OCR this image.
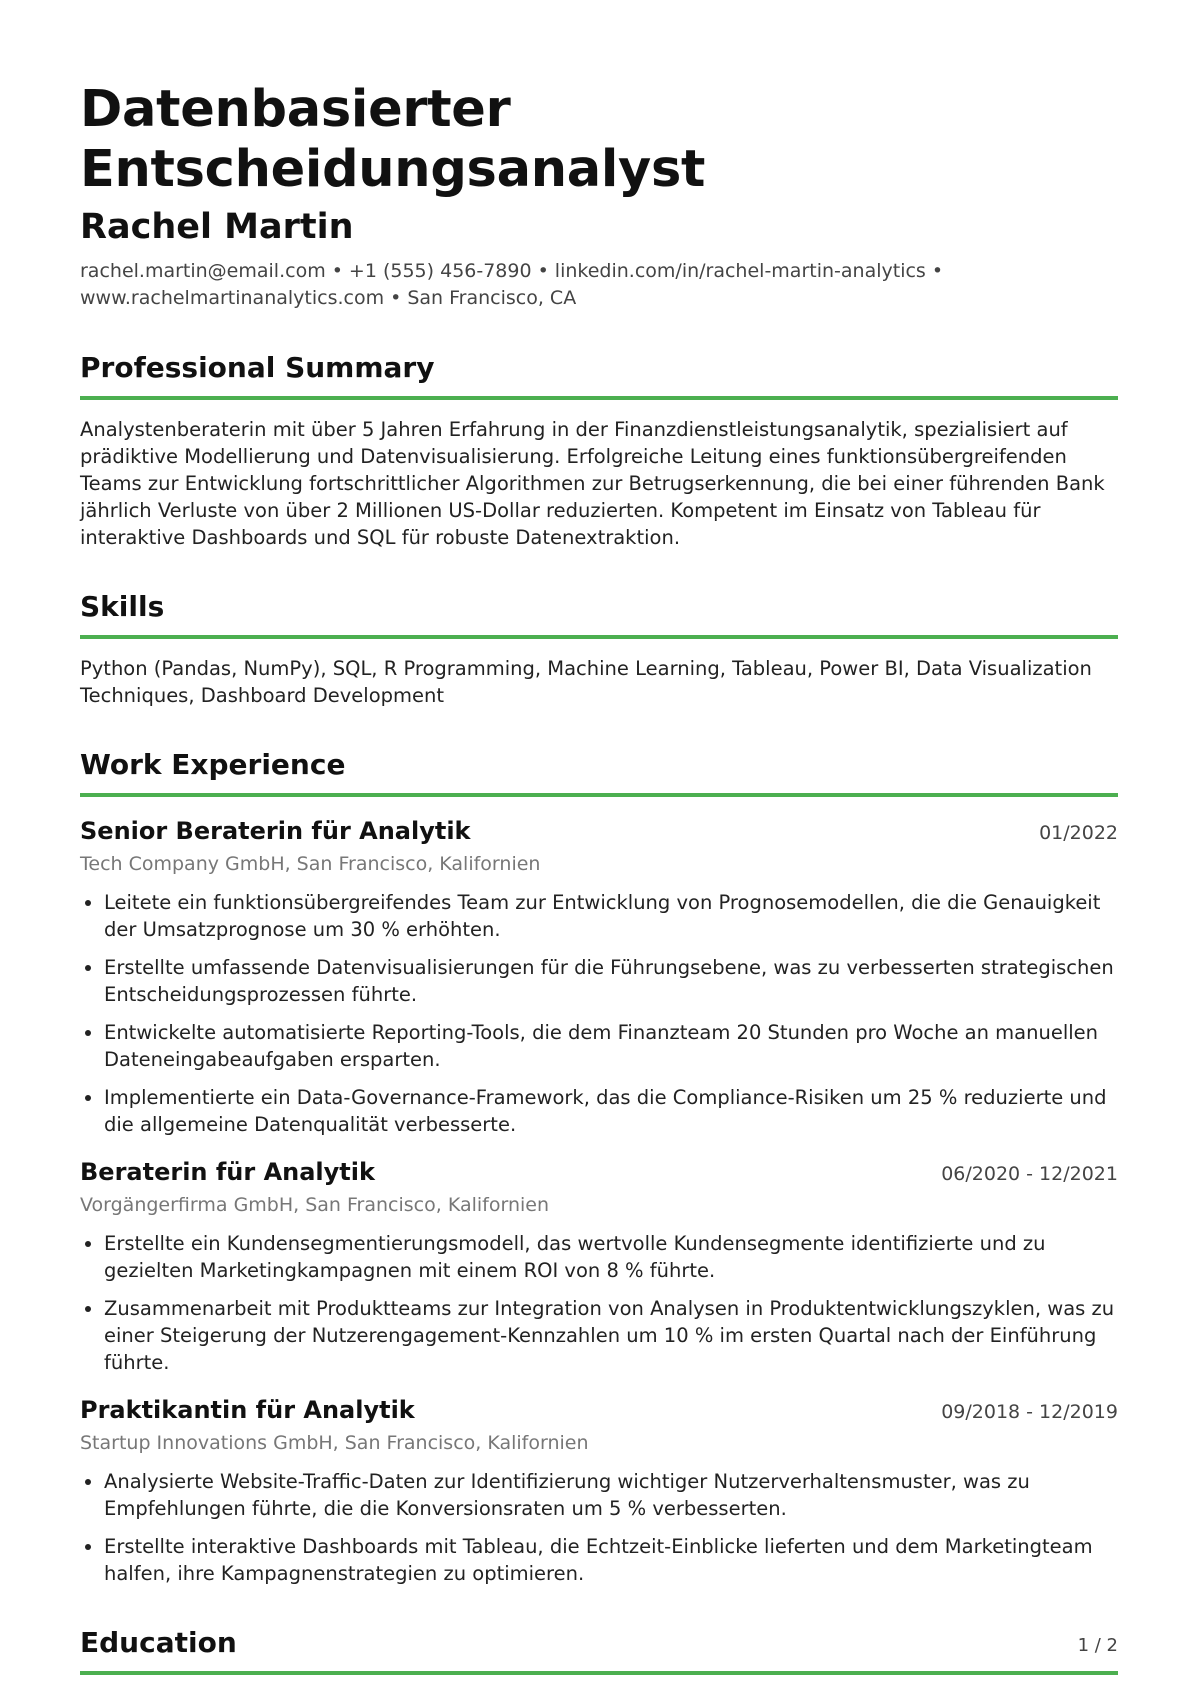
Datenbasierter Entscheidungsanalyst
Rachel Martin
rachel.martin@email.com • +1 (555) 456-7890 • linkedin.com/in/rachel-martin-analytics •
www.rachelmartinanalytics.com • San Francisco, CA
Professional Summary
Analystenberaterin mit über 5 Jahren Erfahrung in der Finanzdienstleistungsanalytik, spezialisiert auf prädiktive Modellierung und Datenvisualisierung. Erfolgreiche Leitung eines funktionsübergreifenden Teams zur Entwicklung fortschrittlicher Algorithmen zur Betrugserkennung, die bei einer führenden Bank jährlich Verluste von über 2 Millionen US-Dollar reduzierten. Kompetent im Einsatz von Tableau für interaktive Dashboards und SQL für robuste Datenextraktion.
Skills
Python (Pandas, NumPy), SQL, R Programming, Machine Learning, Tableau, Power BI, Data Visualization Techniques, Dashboard Development
Work Experience
Senior Beraterin für Analytik	01/2022
Tech Company GmbH, San Francisco, Kalifornien
• Leitete ein funktionsübergreifendes Team zur Entwicklung von Prognosemodellen, die die Genauigkeit der Umsatzprognose um 30 % erhöhten.
• Erstellte umfassende Datenvisualisierungen für die Führungsebene, was zu verbesserten strategischen Entscheidungsprozessen führte.
• Entwickelte automatisierte Reporting-Tools, die dem Finanzteam 20 Stunden pro Woche an manuellen Dateneingabeaufgaben ersparten.
• Implementierte ein Data-Governance-Framework, das die Compliance-Risiken um 25 % reduzierte und die allgemeine Datenqualität verbesserte.
Beraterin für Analytik	06/2020 - 12/2021
Vorgängerfirma GmbH, San Francisco, Kalifornien
• Erstellte ein Kundensegmentierungsmodell, das wertvolle Kundensegmente identifizierte und zu gezielten Marketingkampagnen mit einem ROI von 8 % führte.
• Zusammenarbeit mit Produktteams zur Integration von Analysen in Produktentwicklungszyklen, was zu einer Steigerung der Nutzerengagement-Kennzahlen um 10 % im ersten Quartal nach der Einführung führte.
Praktikantin für Analytik	09/2018 - 12/2019
Startup Innovations GmbH, San Francisco, Kalifornien
• Analysierte Website-Traffic-Daten zur Identifizierung wichtiger Nutzerverhaltensmuster, was zu Empfehlungen führte, die die Konversionsraten um 5 % verbesserten.
• Erstellte interaktive Dashboards mit Tableau, die Echtzeit-Einblicke lieferten und dem Marketingteam halfen, ihre Kampagnenstrategien zu optimieren.
Education	1 / 2
